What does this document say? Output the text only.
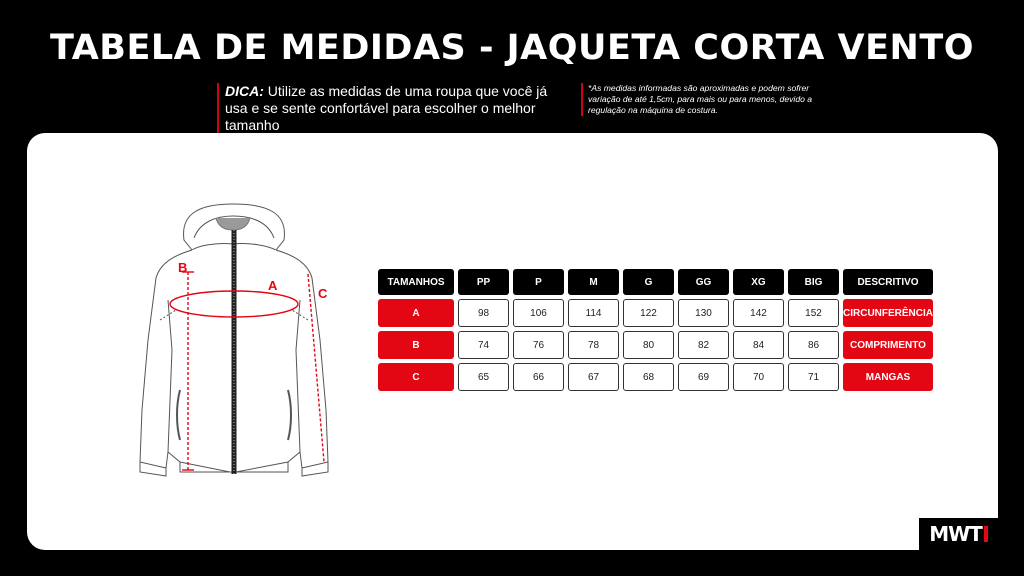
TABELA DE MEDIDAS - JAQUETA CORTA VENTO
DICA: Utilize as medidas de uma roupa que você já usa e se sente confortável para escolher o melhor tamanho
*As medidas informadas são aproximadas e podem sofrer variação de até 1,5cm, para mais ou para menos, devido a regulação na máquina de costura.
B
A
C
TAMANHOS	PP	P	M	G	GG	XG	BIG	DESCRITIVO
A	98	106	114	122	130	142	152	CIRCUNFERÊNCIA
B	74	76	78	80	82	84	86	COMPRIMENTO
C	65	66	67	68	69	70	71	MANGAS
MWT
